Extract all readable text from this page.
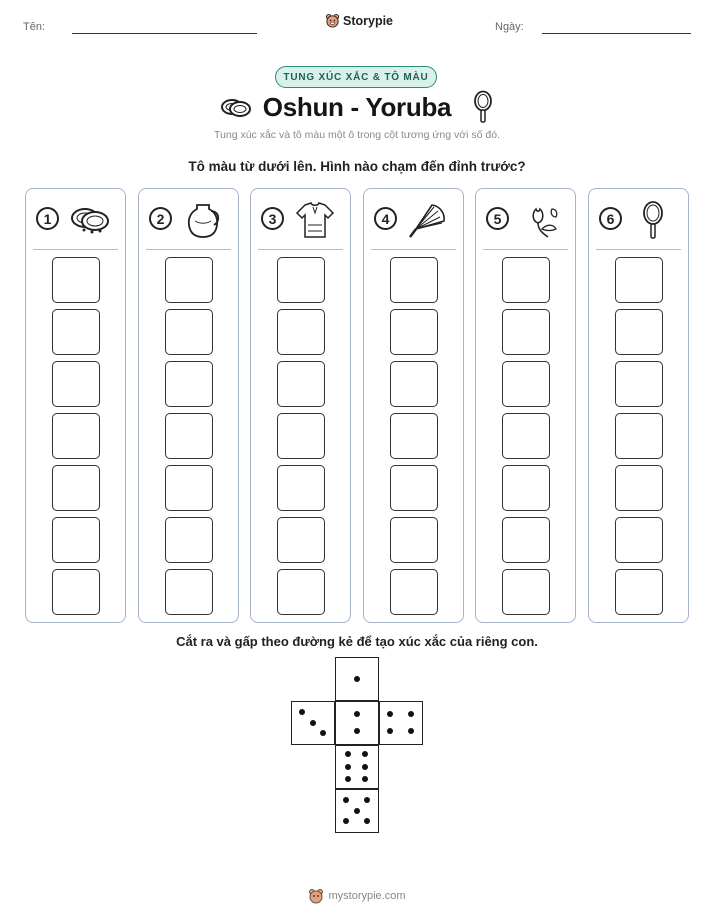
Tên:	Storypie	Ngày:
TUNG XÚC XẮC & TÔ MÀU
Oshun - Yoruba
Tung xúc xắc và tô màu một ô trong cột tương ứng với số đó.
Tô màu từ dưới lên. Hình nào chạm đến đỉnh trước?
1	2	3	4	5	6
Cắt ra và gấp theo đường kẻ để tạo xúc xắc của riêng con.
mystorypie.com
